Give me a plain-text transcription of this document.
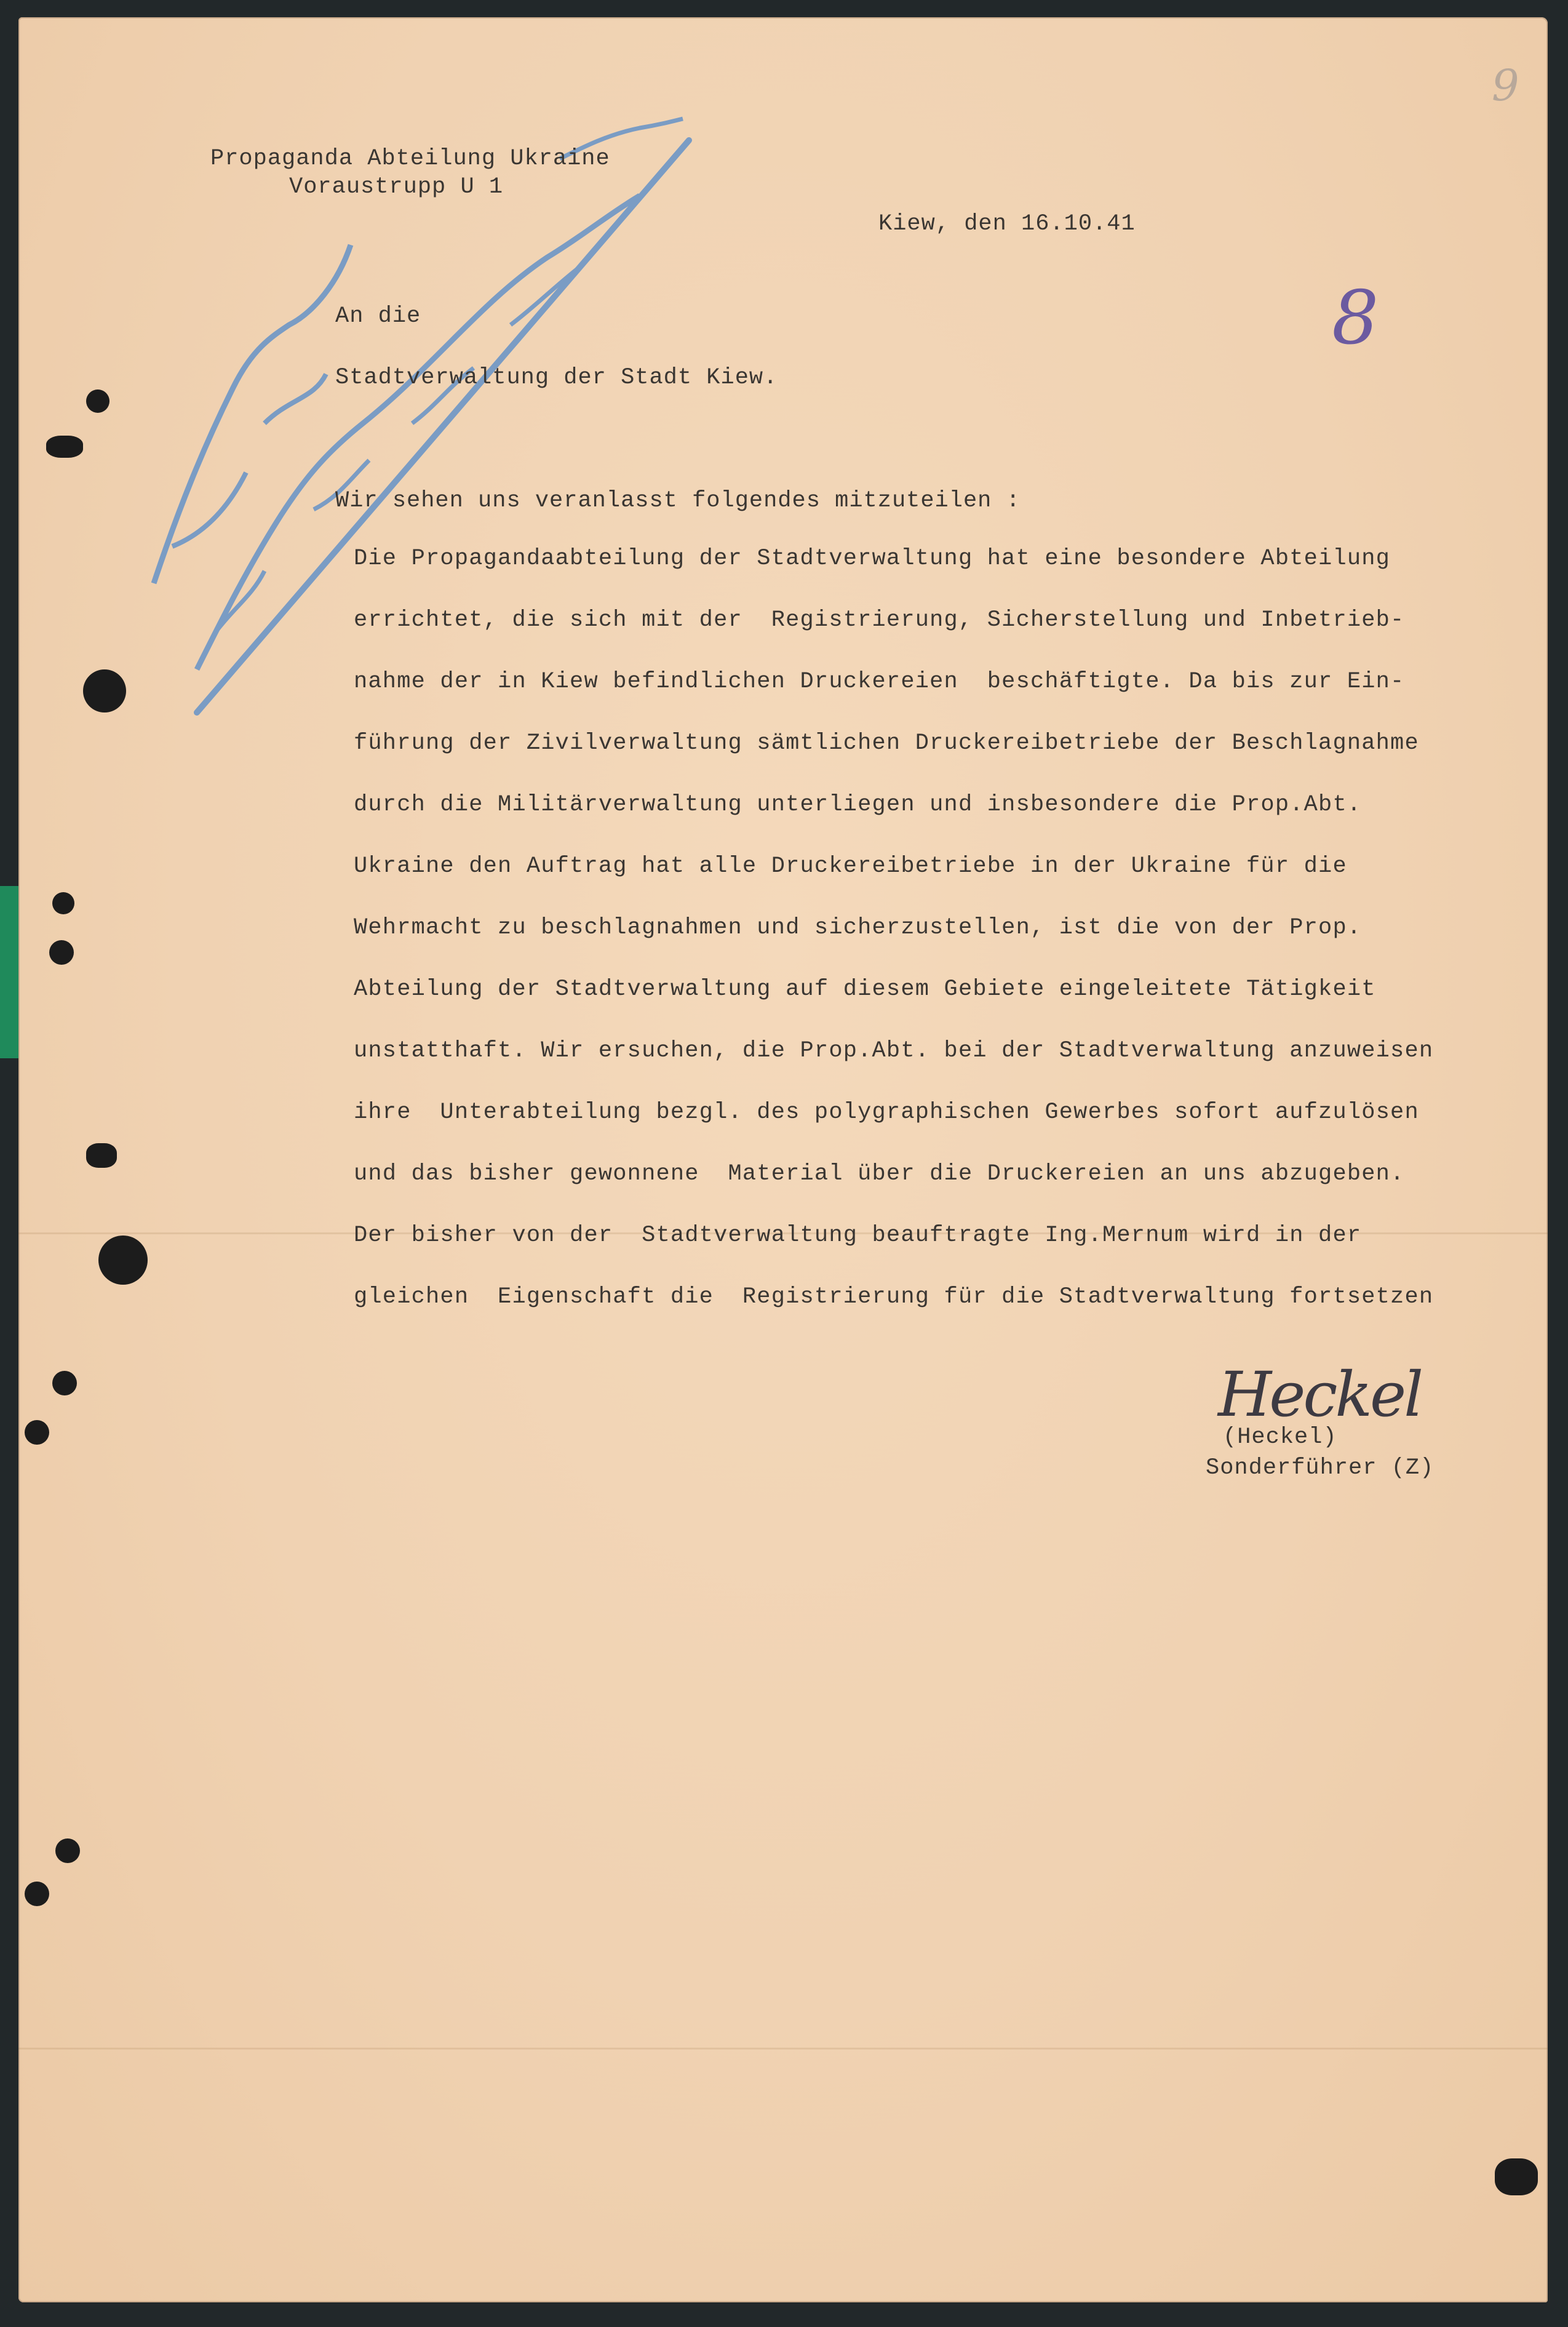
Propaganda Abteilung Ukraine
Voraustrupp U 1
Kiew, den 16.10.41
An die
Stadtverwaltung der Stadt Kiew.
8
9
Wir sehen uns veranlasst folgendes mitzuteilen :
Die Propagandaabteilung der Stadtverwaltung hat eine besondere Abteilung
errichtet, die sich mit der  Registrierung, Sicherstellung und Inbetrieb-
nahme der in Kiew befindlichen Druckereien  beschäftigte. Da bis zur Ein-
führung der Zivilverwaltung sämtlichen Druckereibetriebe der Beschlagnahme
durch die Militärverwaltung unterliegen und insbesondere die Prop.Abt.
Ukraine den Auftrag hat alle Druckereibetriebe in der Ukraine für die
Wehrmacht zu beschlagnahmen und sicherzustellen, ist die von der Prop.
Abteilung der Stadtverwaltung auf diesem Gebiete eingeleitete Tätigkeit
unstatthaft. Wir ersuchen, die Prop.Abt. bei der Stadtverwaltung anzuweisen
ihre  Unterabteilung bezgl. des polygraphischen Gewerbes sofort aufzulösen
und das bisher gewonnene  Material über die Druckereien an uns abzugeben.
Der bisher von der  Stadtverwaltung beauftragte Ing.Mernum wird in der
gleichen  Eigenschaft die  Registrierung für die Stadtverwaltung fortsetzen
Heckel
(Heckel)
Sonderführer (Z)
